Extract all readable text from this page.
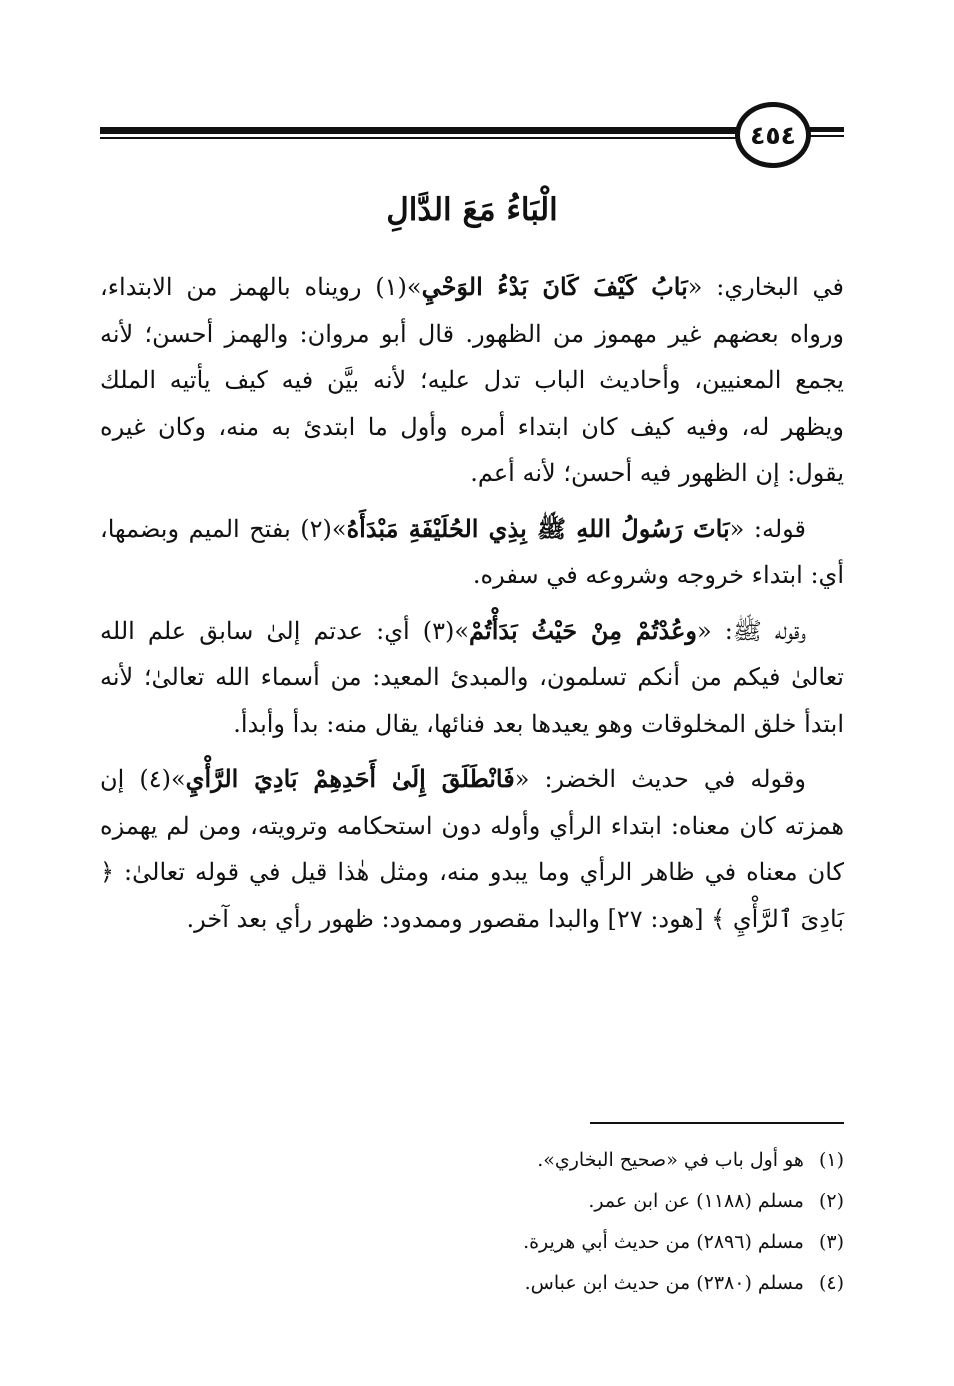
٤٥٤
الْبَاءُ مَعَ الدَّالِ

في البخاري: «بَابُ كَيْفَ كَانَ بَدْءُ الوَحْيِ»(١) رويناه بالهمز من الابتداء، ورواه بعضهم غير مهموز من الظهور. قال أبو مروان: والهمز أحسن؛ لأنه يجمع المعنيين، وأحاديث الباب تدل عليه؛ لأنه بيَّن فيه كيف يأتيه الملك ويظهر له، وفيه كيف كان ابتداء أمره وأول ما ابتدئ به منه، وكان غيره يقول: إن الظهور فيه أحسن؛ لأنه أعم.

قوله: «بَاتَ رَسُولُ اللهِ ﷺ بِذِي الحُلَيْفَةِ مَبْدَأَهُ»(٢) بفتح الميم وبضمها، أي: ابتداء خروجه وشروعه في سفره.

وقوله ﷺ: «وعُدْتُمْ مِنْ حَيْثُ بَدَأْتُمْ»(٣) أي: عدتم إلىٰ سابق علم الله تعالىٰ فيكم من أنكم تسلمون، والمبدئ المعيد: من أسماء الله تعالىٰ؛ لأنه ابتدأ خلق المخلوقات وهو يعيدها بعد فنائها، يقال منه: بدأ وأبدأ.

وقوله في حديث الخضر: «فَانْطَلَقَ إِلَىٰ أَحَدِهِمْ بَادِيَ الرَّأْيِ»(٤) إن همزته كان معناه: ابتداء الرأي وأوله دون استحكامه وترويته، ومن لم يهمزه كان معناه في ظاهر الرأي وما يبدو منه، ومثل هٰذا قيل في قوله تعالىٰ: ﴿ بَادِىَ ٱلرَّأْيِ ﴾ [هود: ٢٧] والبدا مقصور وممدود: ظهور رأي بعد آخر.

(١) هو أول باب في «صحيح البخاري».
(٢) مسلم (١١٨٨) عن ابن عمر.
(٣) مسلم (٢٨٩٦) من حديث أبي هريرة.
(٤) مسلم (٢٣٨٠) من حديث ابن عباس.
